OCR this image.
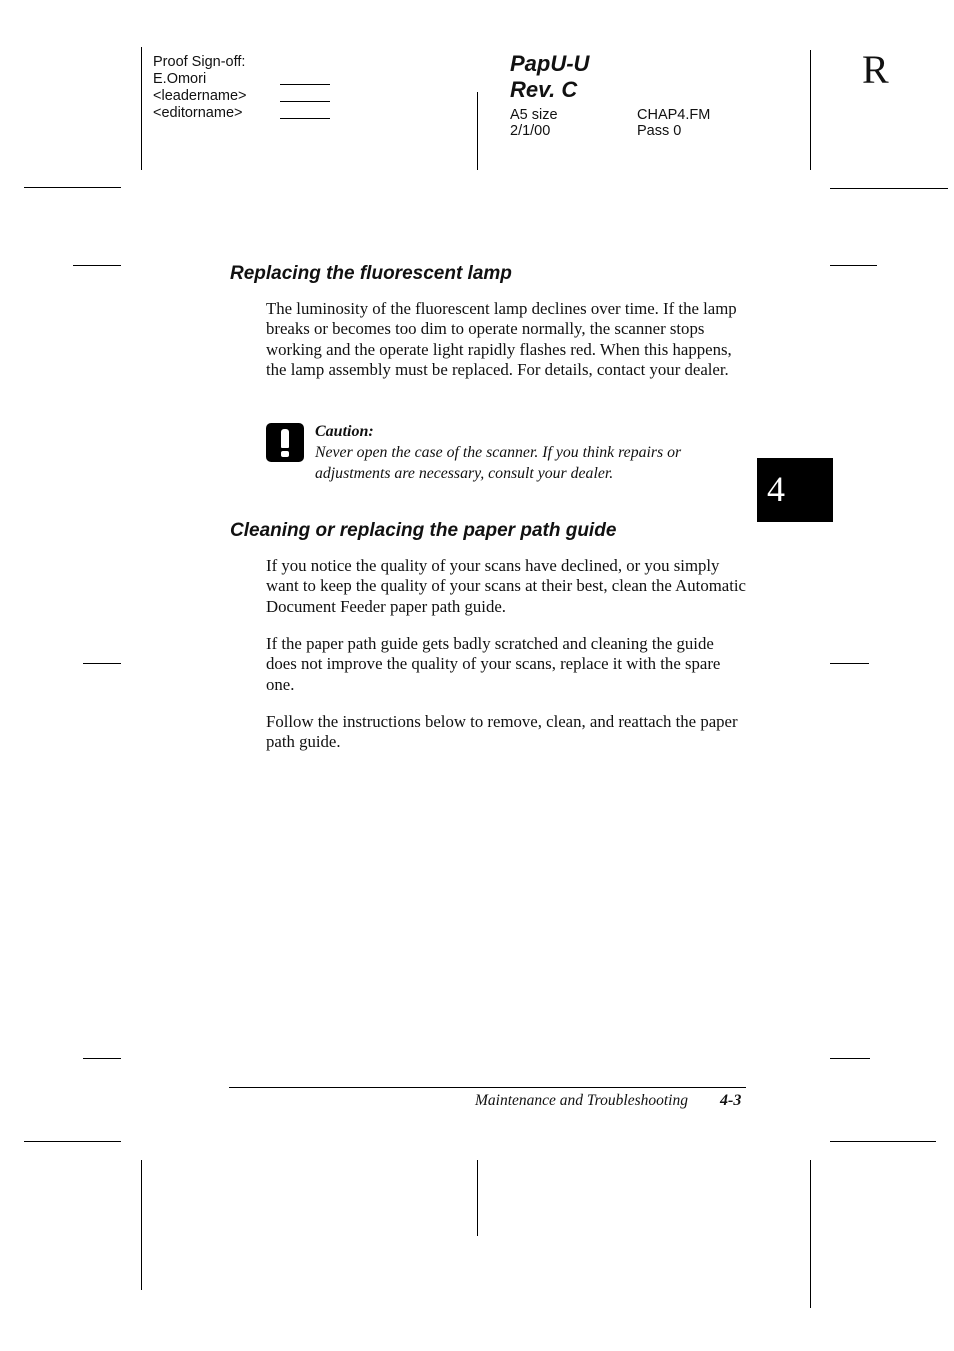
Proof Sign-off:
E.Omori
<leadername>
<editorname>
PapU-U
Rev. C
A5 size
2/1/00
CHAP4.FM
Pass 0
R
4
Replacing the fluorescent lamp
The luminosity of the fluorescent lamp declines over time. If the lamp breaks or becomes too dim to operate normally, the scanner stops working and the operate light rapidly flashes red. When this happens, the lamp assembly must be replaced. For details, contact your dealer.
Caution:
Never open the case of the scanner. If you think repairs or adjustments are necessary, consult your dealer.
Cleaning or replacing the paper path guide
If you notice the quality of your scans have declined, or you simply want to keep the quality of your scans at their best, clean the Automatic Document Feeder paper path guide.
If the paper path guide gets badly scratched and cleaning the guide does not improve the quality of your scans, replace it with the spare one.
Follow the instructions below to remove, clean, and reattach the paper path guide.
Maintenance and Troubleshooting 4-3
